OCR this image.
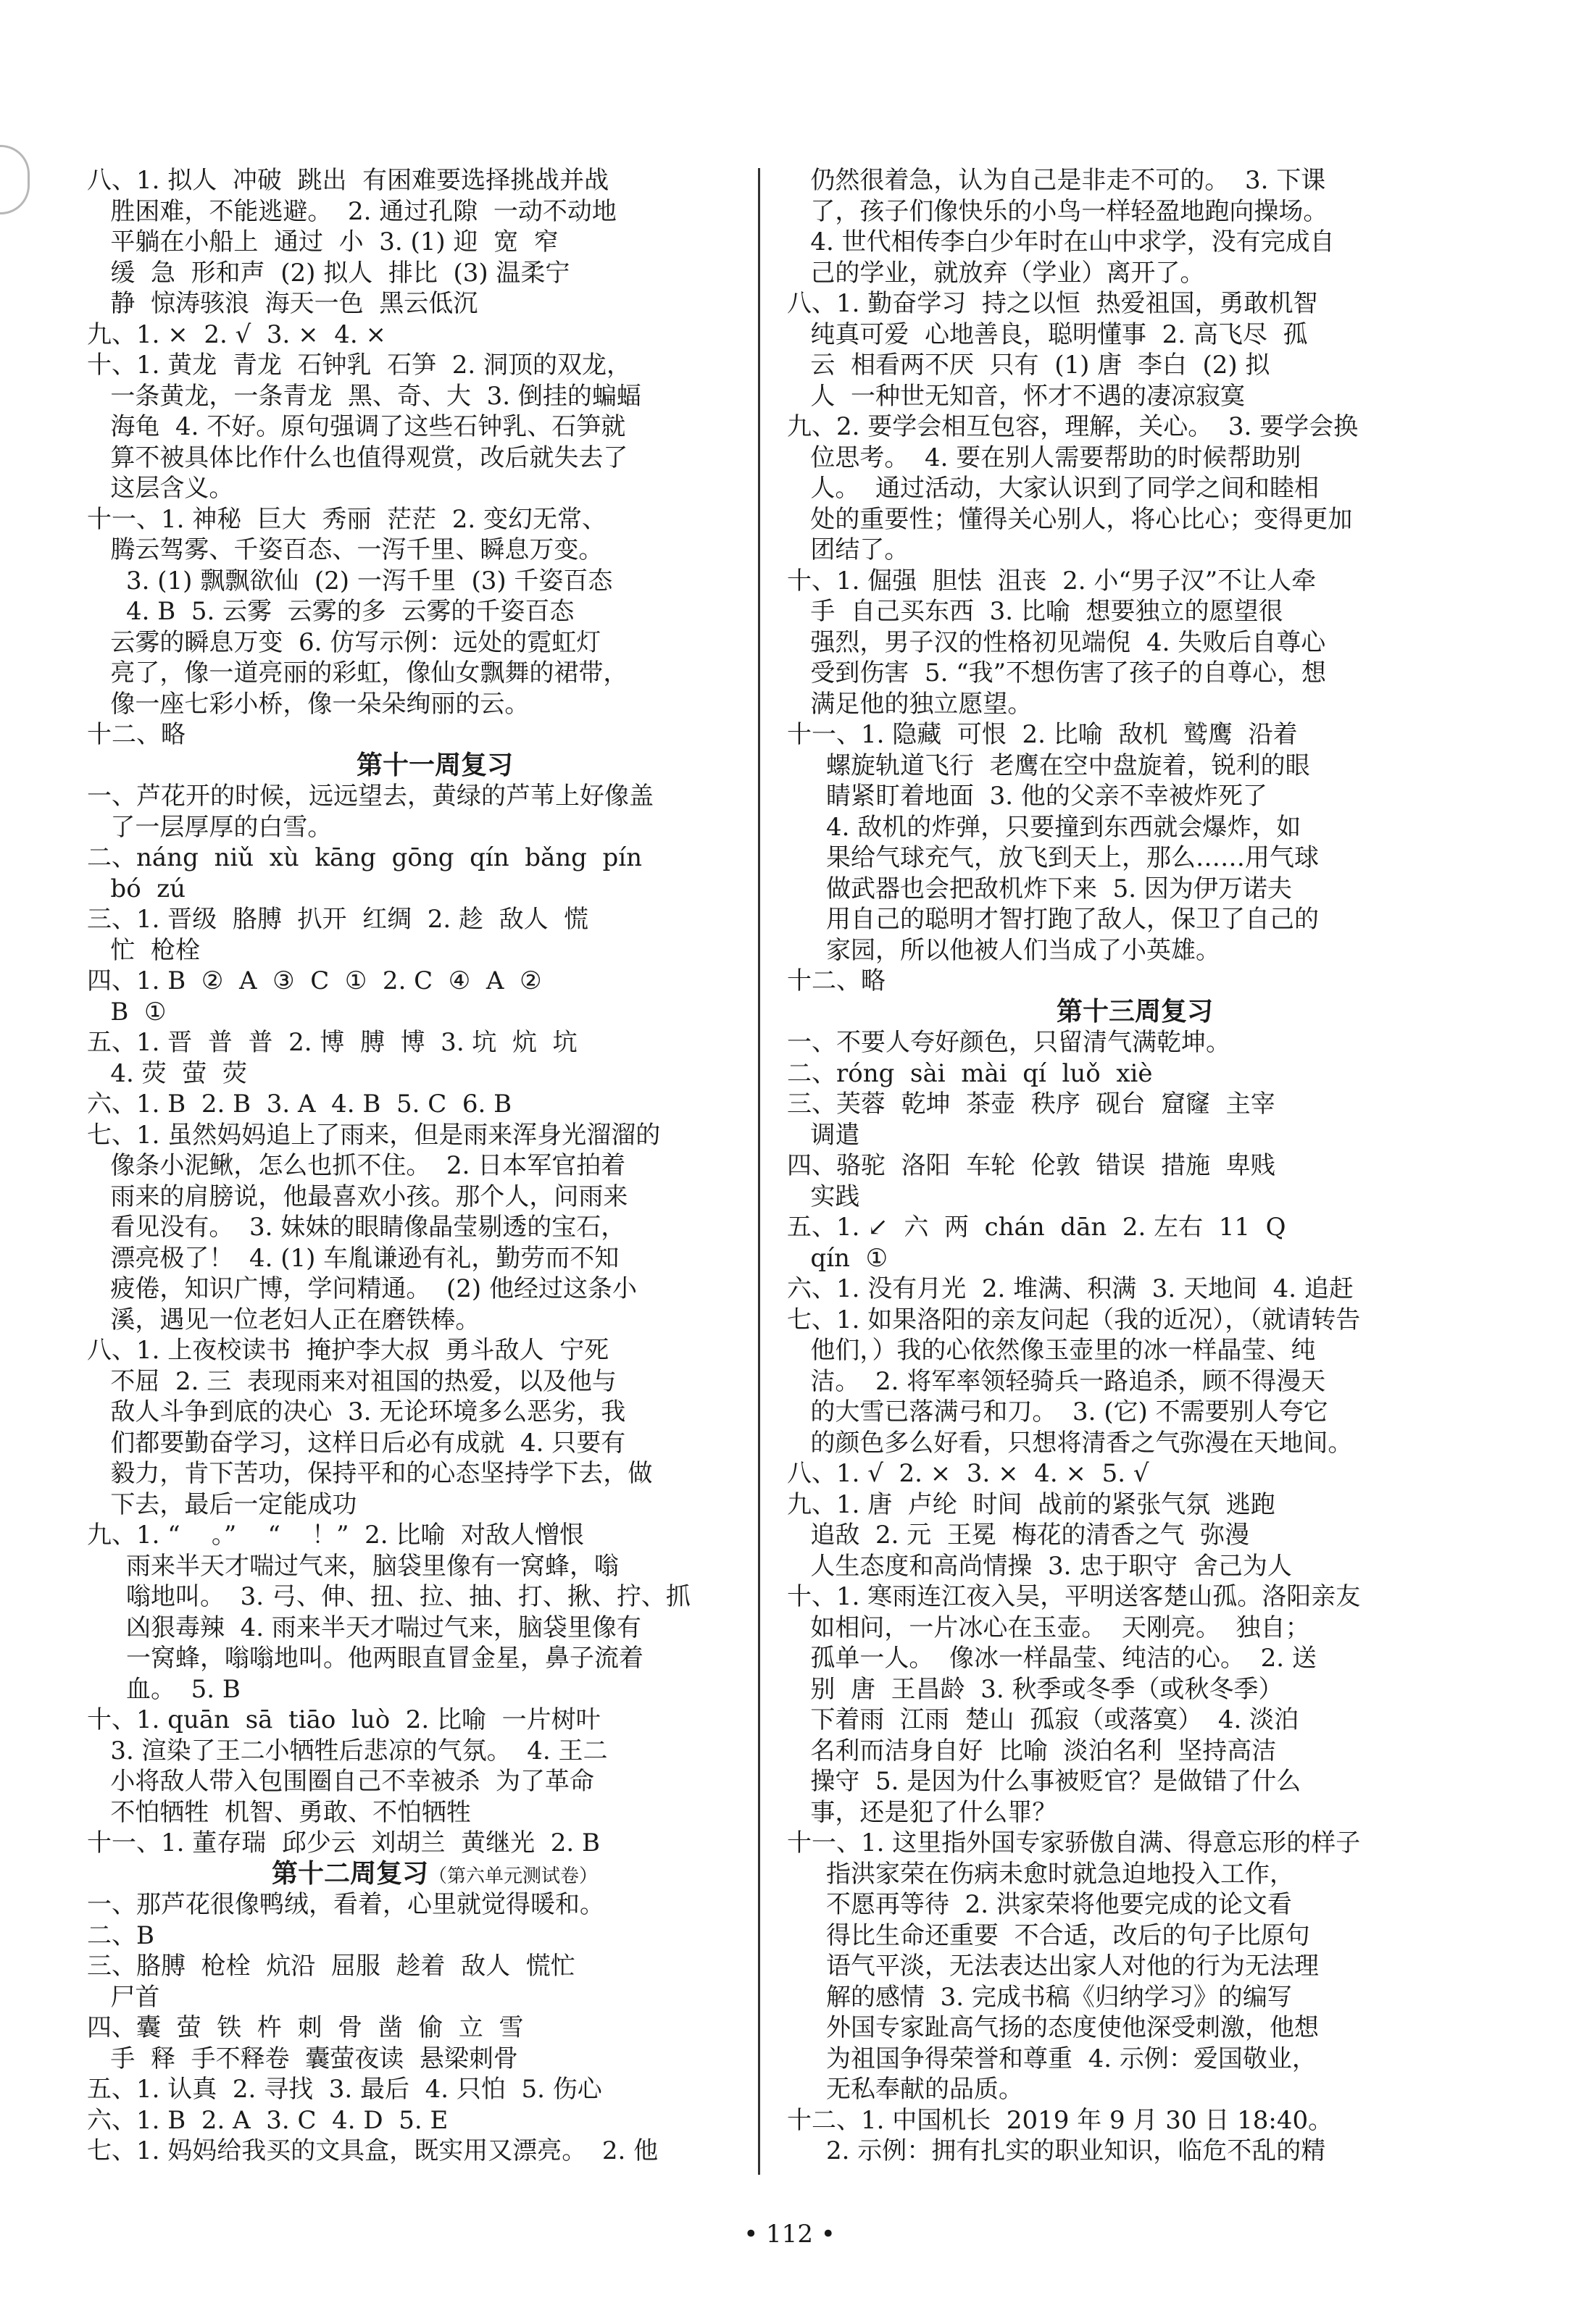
八、1. 拟人  冲破  跳出  有困难要选择挑战并战
胜困难，不能逃避。  2. 通过孔隙  一动不动地
平躺在小船上  通过  小  3. (1) 迎  宽  窄
缓  急  形和声  (2) 拟人  排比  (3) 温柔宁
静  惊涛骇浪  海天一色  黑云低沉
九、1. ×  2. √  3. ×  4. ×
十、1. 黄龙  青龙  石钟乳  石笋  2. 洞顶的双龙，
一条黄龙，一条青龙  黑、奇、大  3. 倒挂的蝙蝠
海龟  4. 不好。原句强调了这些石钟乳、石笋就
算不被具体比作什么也值得观赏，改后就失去了
这层含义。
十一、1. 神秘  巨大  秀丽  茫茫  2. 变幻无常、
腾云驾雾、千姿百态、一泻千里、瞬息万变。
3. (1) 飘飘欲仙  (2) 一泻千里  (3) 千姿百态
4. B  5. 云雾  云雾的多  云雾的千姿百态
云雾的瞬息万变  6. 仿写示例：远处的霓虹灯
亮了，像一道亮丽的彩虹，像仙女飘舞的裙带，
像一座七彩小桥，像一朵朵绚丽的云。
十二、略
第十一周复习
一、芦花开的时候，远远望去，黄绿的芦苇上好像盖
了一层厚厚的白雪。
二、náng  niǔ  xù  kāng  gōng  qín  bǎng  pín
bó  zú
三、1. 晋级  胳膊  扒开  红绸  2. 趁  敌人  慌
忙  枪栓
四、1. B  ②  A  ③  C  ①  2. C  ④  A  ②
B  ①
五、1. 晋  普  普  2. 博  膊  博  3. 坑  炕  坑
4. 荧  萤  荧
六、1. B  2. B  3. A  4. B  5. C  6. B
七、1. 虽然妈妈追上了雨来，但是雨来浑身光溜溜的
像条小泥鳅，怎么也抓不住。  2. 日本军官拍着
雨来的肩膀说，他最喜欢小孩。那个人，问雨来
看见没有。  3. 妹妹的眼睛像晶莹剔透的宝石，
漂亮极了！  4. (1) 车胤谦逊有礼，勤劳而不知
疲倦，知识广博，学问精通。  (2) 他经过这条小
溪，遇见一位老妇人正在磨铁棒。
八、1. 上夜校读书  掩护李大叔  勇斗敌人  宁死
不屈  2. 三  表现雨来对祖国的热爱，以及他与
敌人斗争到底的决心  3. 无论环境多么恶劣，我
们都要勤奋学习，这样日后必有成就  4. 只要有
毅力，肯下苦功，保持平和的心态坚持学下去，做
下去，最后一定能成功
九、1. “    。”    “    ！”  2. 比喻  对敌人憎恨
雨来半天才喘过气来，脑袋里像有一窝蜂，嗡
嗡地叫。  3. 弓、伸、扭、拉、抽、打、揪、拧、抓
凶狠毒辣  4. 雨来半天才喘过气来，脑袋里像有
一窝蜂，嗡嗡地叫。他两眼直冒金星，鼻子流着
血。  5. B
十、1. quān  sā  tiāo  luò  2. 比喻  一片树叶
3. 渲染了王二小牺牲后悲凉的气氛。  4. 王二
小将敌人带入包围圈自己不幸被杀  为了革命
不怕牺牲  机智、勇敢、不怕牺牲
十一、1. 董存瑞  邱少云  刘胡兰  黄继光  2. B
第十二周复习（第六单元测试卷）
一、那芦花很像鸭绒，看着，心里就觉得暖和。
二、B
三、胳膊  枪栓  炕沿  屈服  趁着  敌人  慌忙
尸首
四、囊  萤  铁  杵  刺  骨  凿  偷  立  雪
手  释  手不释卷  囊萤夜读  悬梁刺骨
五、1. 认真  2. 寻找  3. 最后  4. 只怕  5. 伤心
六、1. B  2. A  3. C  4. D  5. E
七、1. 妈妈给我买的文具盒，既实用又漂亮。  2. 他
仍然很着急，认为自己是非走不可的。  3. 下课
了，孩子们像快乐的小鸟一样轻盈地跑向操场。
4. 世代相传李白少年时在山中求学，没有完成自
己的学业，就放弃（学业）离开了。
八、1. 勤奋学习  持之以恒  热爱祖国，勇敢机智
纯真可爱  心地善良，聪明懂事  2. 高飞尽  孤
云  相看两不厌  只有  (1) 唐  李白  (2) 拟
人  一种世无知音，怀才不遇的凄凉寂寞
九、2. 要学会相互包容，理解，关心。  3. 要学会换
位思考。  4. 要在别人需要帮助的时候帮助别
人。  通过活动，大家认识到了同学之间和睦相
处的重要性；懂得关心别人，将心比心；变得更加
团结了。
十、1. 倔强  胆怯  沮丧  2. 小“男子汉”不让人牵
手  自己买东西  3. 比喻  想要独立的愿望很
强烈，男子汉的性格初见端倪  4. 失败后自尊心
受到伤害  5. “我”不想伤害了孩子的自尊心，想
满足他的独立愿望。
十一、1. 隐藏  可恨  2. 比喻  敌机  鹫鹰  沿着
螺旋轨道飞行  老鹰在空中盘旋着，锐利的眼
睛紧盯着地面  3. 他的父亲不幸被炸死了
4. 敌机的炸弹，只要撞到东西就会爆炸，如
果给气球充气，放飞到天上，那么……用气球
做武器也会把敌机炸下来  5. 因为伊万诺夫
用自己的聪明才智打跑了敌人，保卫了自己的
家园，所以他被人们当成了小英雄。
十二、略
第十三周复习
一、不要人夸好颜色，只留清气满乾坤。
二、róng  sài  mài  qí  luǒ  xiè
三、芙蓉  乾坤  茶壶  秩序  砚台  窟窿  主宰
调遣
四、骆驼  洛阳  车轮  伦敦  错误  措施  卑贱
实践
五、1. ↙  六  两  chán  dān  2. 左右  11  Q
qín  ①
六、1. 没有月光  2. 堆满、积满  3. 天地间  4. 追赶
七、1. 如果洛阳的亲友问起（我的近况），（就请转告
他们，）我的心依然像玉壶里的冰一样晶莹、纯
洁。  2. 将军率领轻骑兵一路追杀，顾不得漫天
的大雪已落满弓和刀。  3. (它) 不需要别人夸它
的颜色多么好看，只想将清香之气弥漫在天地间。
八、1. √  2. ×  3. ×  4. ×  5. √
九、1. 唐  卢纶  时间  战前的紧张气氛  逃跑
追敌  2. 元  王冕  梅花的清香之气  弥漫
人生态度和高尚情操  3. 忠于职守  舍己为人
十、1. 寒雨连江夜入吴，平明送客楚山孤。洛阳亲友
如相问，一片冰心在玉壶。  天刚亮。  独自；
孤单一人。  像冰一样晶莹、纯洁的心。  2. 送
别  唐  王昌龄  3. 秋季或冬季（或秋冬季）
下着雨  江雨  楚山  孤寂（或落寞）  4. 淡泊
名利而洁身自好  比喻  淡泊名利  坚持高洁
操守  5. 是因为什么事被贬官？是做错了什么
事，还是犯了什么罪？
十一、1. 这里指外国专家骄傲自满、得意忘形的样子
指洪家荣在伤病未愈时就急迫地投入工作，
不愿再等待  2. 洪家荣将他要完成的论文看
得比生命还重要  不合适，改后的句子比原句
语气平淡，无法表达出家人对他的行为无法理
解的感情  3. 完成书稿《归纳学习》的编写
外国专家趾高气扬的态度使他深受刺激，他想
为祖国争得荣誉和尊重  4. 示例：爱国敬业，
无私奉献的品质。
十二、1. 中国机长  2019 年 9 月 30 日 18:40。
2. 示例：拥有扎实的职业知识，临危不乱的精
• 112 •
